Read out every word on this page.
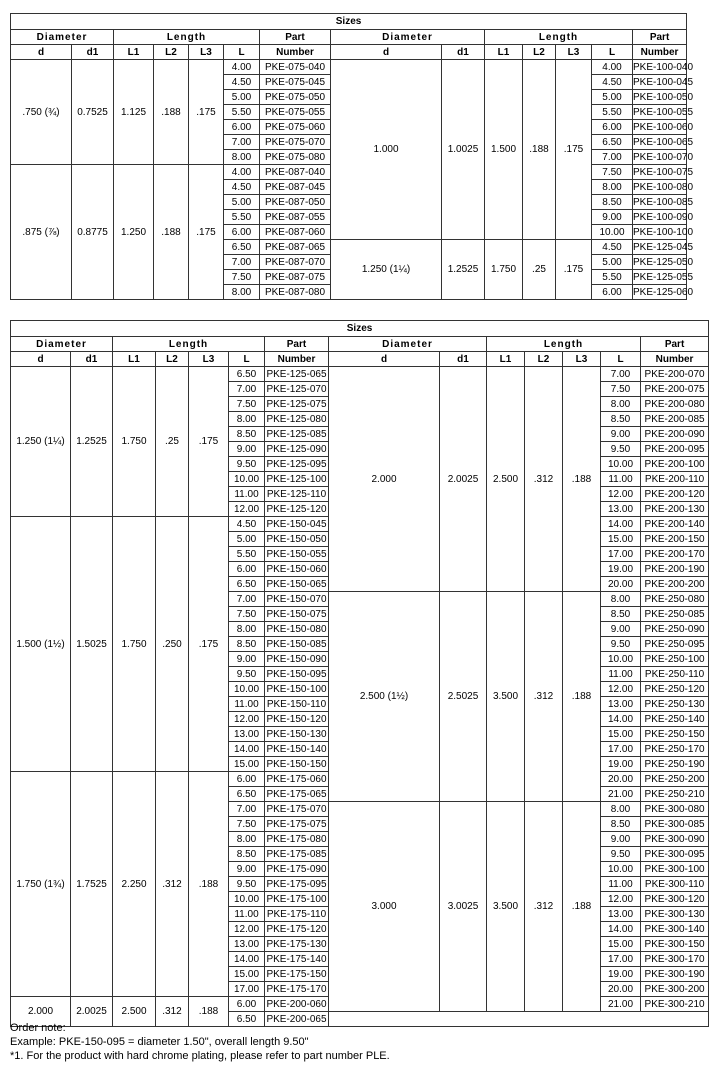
Sizes													
Diameter		Length				Part	Diameter		Length				Part
d	d1	L1	L2	L3	L	Number	d	d1	L1	L2	L3	L	Number
.750 (¾)	0.7525	1.125	.188	.175	4.00	PKE-075-040	1.000	1.0025	1.500	.188	.175	4.00	PKE-100-040
					4.50	PKE-075-045						4.50	PKE-100-045
					5.00	PKE-075-050						5.00	PKE-100-050
					5.50	PKE-075-055						5.50	PKE-100-055
					6.00	PKE-075-060						6.00	PKE-100-060
					7.00	PKE-075-070						6.50	PKE-100-065
					8.00	PKE-075-080						7.00	PKE-100-070
.875 (⅞)	0.8775	1.250	.188	.175	4.00	PKE-087-040						7.50	PKE-100-075
					4.50	PKE-087-045						8.00	PKE-100-080
					5.00	PKE-087-050						8.50	PKE-100-085
					5.50	PKE-087-055						9.00	PKE-100-090
					6.00	PKE-087-060						10.00	PKE-100-100
					6.50	PKE-087-065	1.250 (1¼)	1.2525	1.750	.25	.175	4.50	PKE-125-045
					7.00	PKE-087-070						5.00	PKE-125-050
					7.50	PKE-087-075						5.50	PKE-125-055
					8.00	PKE-087-080						6.00	PKE-125-060
Sizes													
Diameter		Length				Part	Diameter		Length				Part
d	d1	L1	L2	L3	L	Number	d	d1	L1	L2	L3	L	Number
1.250 (1¼)	1.2525	1.750	.25	.175	6.50	PKE-125-065	2.000	2.0025	2.500	.312	.188	7.00	PKE-200-070
					7.00	PKE-125-070						7.50	PKE-200-075
					7.50	PKE-125-075						8.00	PKE-200-080
					8.00	PKE-125-080						8.50	PKE-200-085
					8.50	PKE-125-085						9.00	PKE-200-090
					9.00	PKE-125-090						9.50	PKE-200-095
					9.50	PKE-125-095						10.00	PKE-200-100
					10.00	PKE-125-100						11.00	PKE-200-110
					11.00	PKE-125-110						12.00	PKE-200-120
					12.00	PKE-125-120						13.00	PKE-200-130
1.500 (1½)	1.5025	1.750	.250	.175	4.50	PKE-150-045						14.00	PKE-200-140
					5.00	PKE-150-050						15.00	PKE-200-150
					5.50	PKE-150-055						17.00	PKE-200-170
					6.00	PKE-150-060						19.00	PKE-200-190
					6.50	PKE-150-065						20.00	PKE-200-200
					7.00	PKE-150-070	2.500 (1½)	2.5025	3.500	.312	.188	8.00	PKE-250-080
					7.50	PKE-150-075						8.50	PKE-250-085
					8.00	PKE-150-080						9.00	PKE-250-090
					8.50	PKE-150-085						9.50	PKE-250-095
					9.00	PKE-150-090						10.00	PKE-250-100
					9.50	PKE-150-095						11.00	PKE-250-110
					10.00	PKE-150-100						12.00	PKE-250-120
					11.00	PKE-150-110						13.00	PKE-250-130
					12.00	PKE-150-120						14.00	PKE-250-140
					13.00	PKE-150-130						15.00	PKE-250-150
					14.00	PKE-150-140						17.00	PKE-250-170
					15.00	PKE-150-150						19.00	PKE-250-190
1.750 (1¾)	1.7525	2.250	.312	.188	6.00	PKE-175-060						20.00	PKE-250-200
					6.50	PKE-175-065						21.00	PKE-250-210
					7.00	PKE-175-070	3.000	3.0025	3.500	.312	.188	8.00	PKE-300-080
					7.50	PKE-175-075						8.50	PKE-300-085
					8.00	PKE-175-080						9.00	PKE-300-090
					8.50	PKE-175-085						9.50	PKE-300-095
					9.00	PKE-175-090						10.00	PKE-300-100
					9.50	PKE-175-095						11.00	PKE-300-110
					10.00	PKE-175-100						12.00	PKE-300-120
					11.00	PKE-175-110						13.00	PKE-300-130
					12.00	PKE-175-120						14.00	PKE-300-140
					13.00	PKE-175-130						15.00	PKE-300-150
					14.00	PKE-175-140						17.00	PKE-300-170
					15.00	PKE-175-150						19.00	PKE-300-190
					17.00	PKE-175-170						20.00	PKE-300-200
2.000	2.0025	2.500	.312	.188	6.00	PKE-200-060						21.00	PKE-300-210
					6.50	PKE-200-065							
Order note:
Example: PKE-150-095 = diameter 1.50", overall length 9.50"
*1. For the product with hard chrome plating, please refer to part number PLE.
